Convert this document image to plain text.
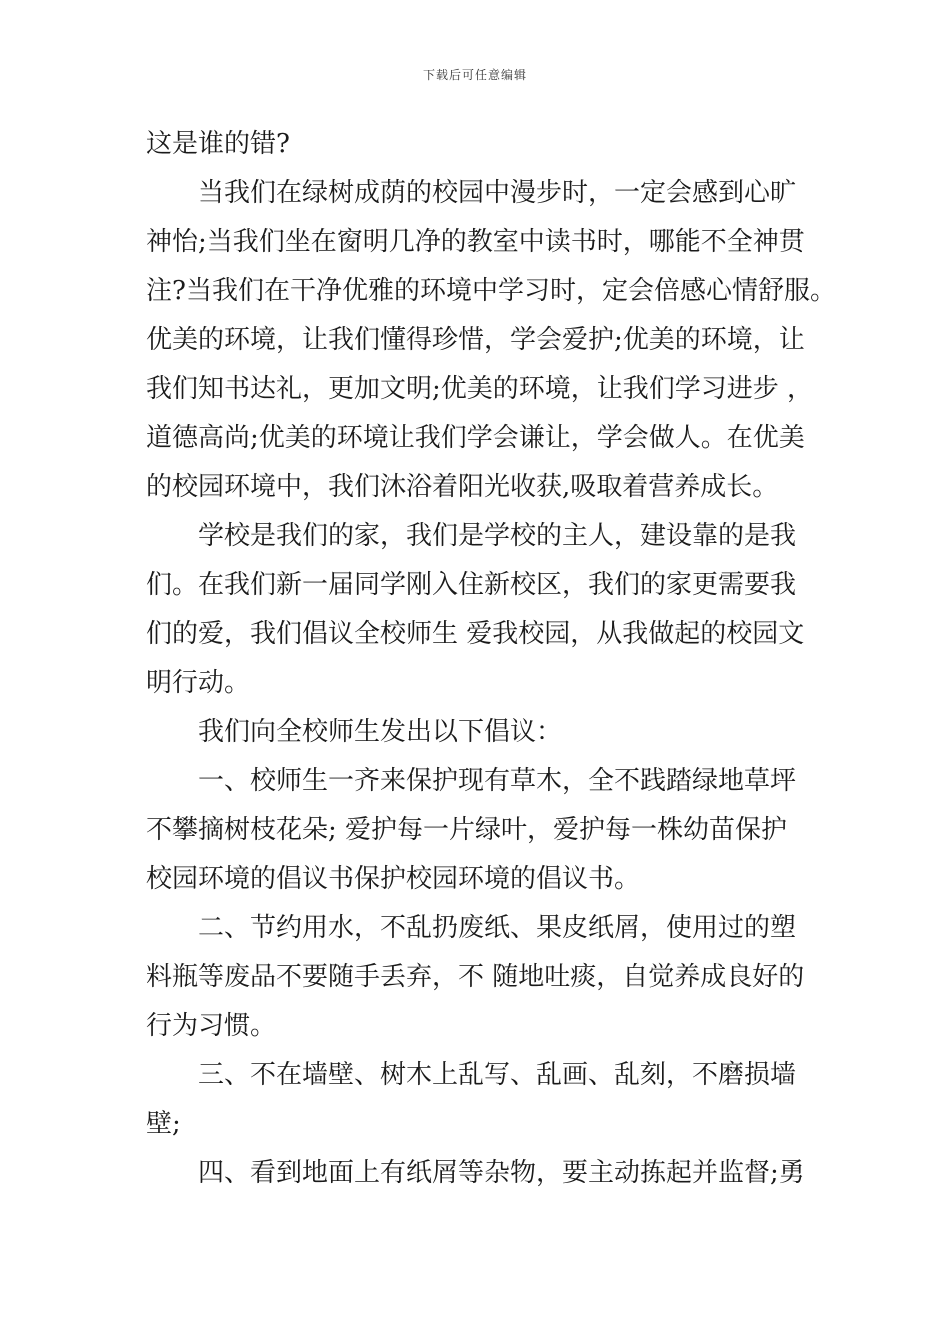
下载后可任意编辑
这是谁的错?
当我们在绿树成荫的校园中漫步时，一定会感到心旷
神怡;当我们坐在窗明几净的教室中读书时，哪能不全神贯
注?当我们在干净优雅的环境中学习时，定会倍感心情舒服。
优美的环境，让我们懂得珍惜，学会爱护;优美的环境，让
我们知书达礼，更加文明;优美的环境，让我们学习进步 ，
道德高尚;优美的环境让我们学会谦让，学会做人。在优美
的校园环境中，我们沐浴着阳光收获,吸取着营养成长。
学校是我们的家，我们是学校的主人，建设靠的是我
们。在我们新一届同学刚入住新校区，我们的家更需要我
们的爱，我们倡议全校师生 爱我校园，从我做起的校园文
明行动。
我们向全校师生发出以下倡议：
一、校师生一齐来保护现有草木，全不践踏绿地草坪
不攀摘树枝花朵; 爱护每一片绿叶，爱护每一株幼苗保护
校园环境的倡议书保护校园环境的倡议书。
二、节约用水，不乱扔废纸、果皮纸屑，使用过的塑
料瓶等废品不要随手丢弃，不 随地吐痰，自觉养成良好的
行为习惯。
三、不在墙壁、树木上乱写、乱画、乱刻，不磨损墙
壁;
四、看到地面上有纸屑等杂物，要主动拣起并监督;勇
